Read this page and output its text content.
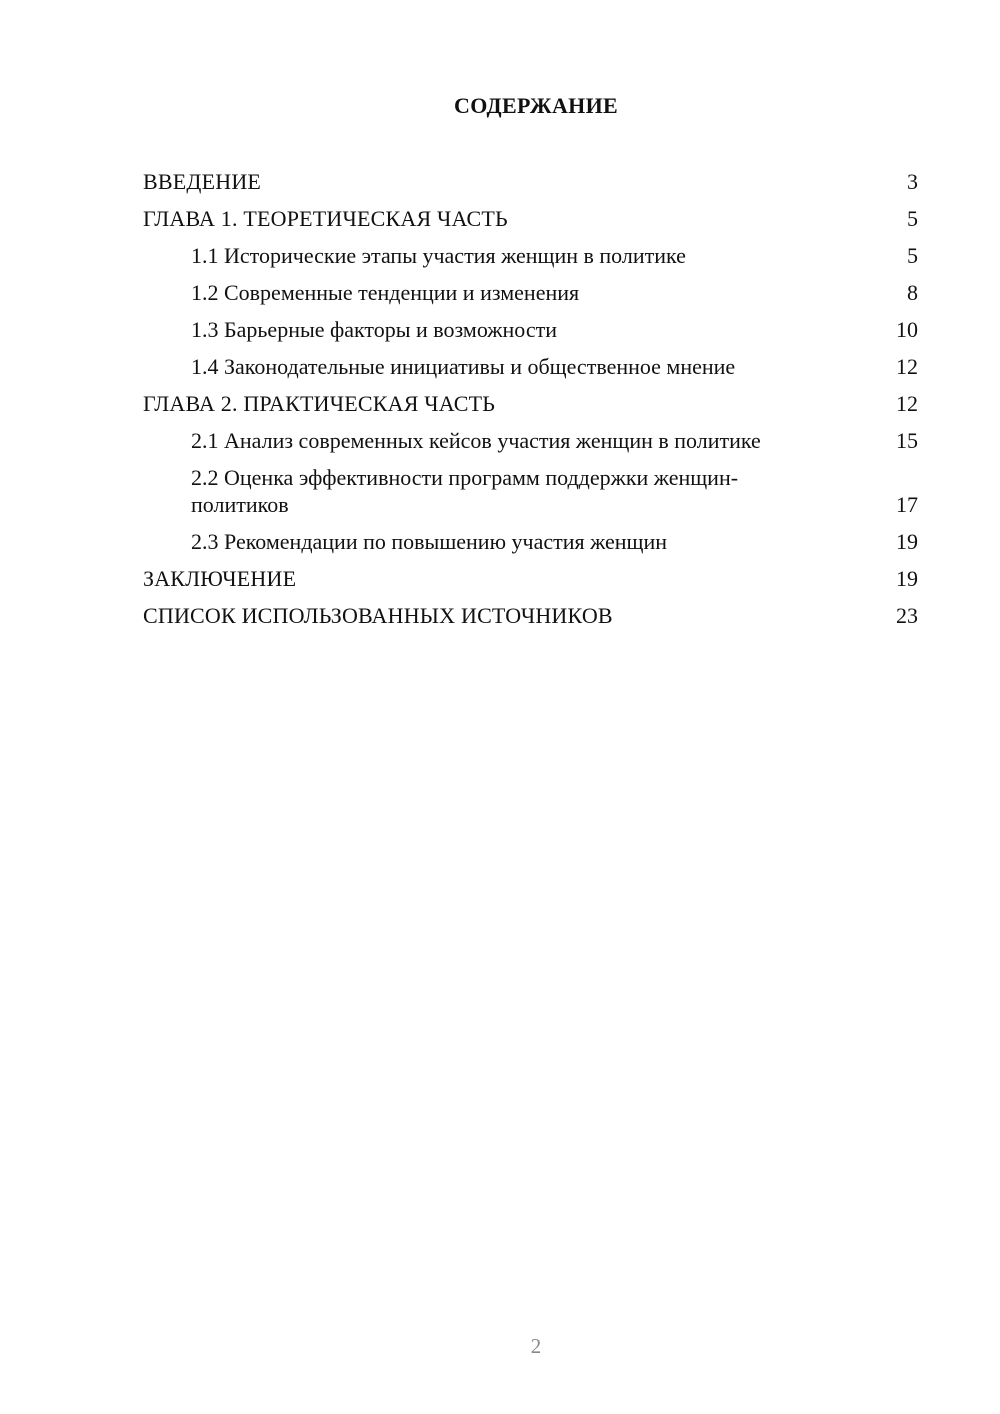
СОДЕРЖАНИЕ
ВВЕДЕНИЕ	3
ГЛАВА 1. ТЕОРЕТИЧЕСКАЯ ЧАСТЬ	5
1.1 Исторические этапы участия женщин в политике	5
1.2 Современные тенденции и изменения	8
1.3 Барьерные факторы и возможности	10
1.4 Законодательные инициативы и общественное мнение	12
ГЛАВА 2. ПРАКТИЧЕСКАЯ ЧАСТЬ	12
2.1 Анализ современных кейсов участия женщин в политике	15
2.2 Оценка эффективности программ поддержки женщин-политиков	17
2.3 Рекомендации по повышению участия женщин	19
ЗАКЛЮЧЕНИЕ	19
СПИСОК ИСПОЛЬЗОВАННЫХ ИСТОЧНИКОВ	23
2
